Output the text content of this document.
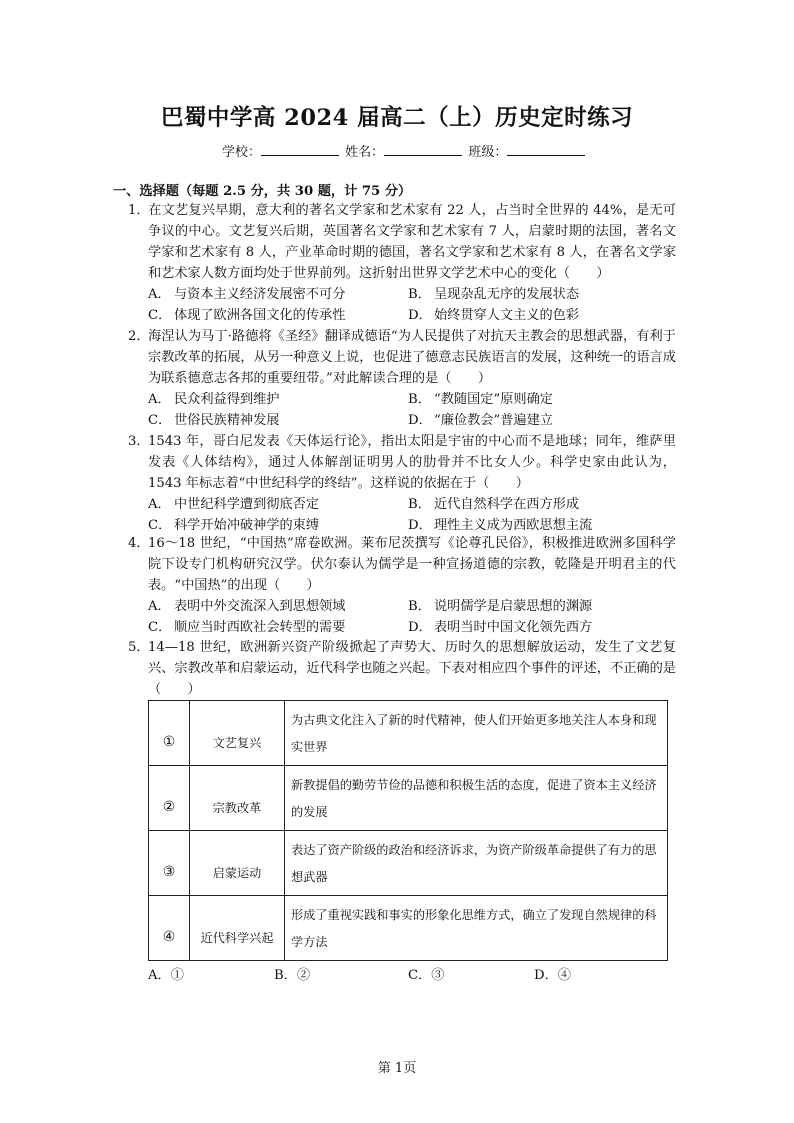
巴蜀中学高 2024 届高二（上）历史定时练习
学校：	姓名：	班级：
一、选择题（每题 2.5 分，共 30 题，计 75 分）
1．在文艺复兴早期，意大利的著名文学家和艺术家有 22 人，占当时全世界的 44%，是无可争议的中心。文艺复兴后期，英国著名文学家和艺术家有 7 人，启蒙时期的法国，著名文学家和艺术家有 8 人，产业革命时期的德国，著名文学家和艺术家有 8 人，在著名文学家和艺术家人数方面均处于世界前列。这折射出世界文学艺术中心的变化（　　）
A． 与资本主义经济发展密不可分	B． 呈现杂乱无序的发展状态
C． 体现了欧洲各国文化的传承性	D． 始终贯穿人文主义的色彩
2．海涅认为马丁·路德将《圣经》翻译成德语“为人民提供了对抗天主教会的思想武器，有利于宗教改革的拓展，从另一种意义上说，也促进了德意志民族语言的发展，这种统一的语言成为联系德意志各邦的重要纽带。”对此解读合理的是（　　）
A． 民众利益得到维护	B． “教随国定”原则确定
C． 世俗民族精神发展	D． “廉俭教会”普遍建立
3．1543 年，哥白尼发表《天体运行论》，指出太阳是宇宙的中心而不是地球；同年，维萨里发表《人体结构》，通过人体解剖证明男人的肋骨并不比女人少。科学史家由此认为，1543 年标志着“中世纪科学的终结”。这样说的依据在于（　　）
A． 中世纪科学遭到彻底否定	B． 近代自然科学在西方形成
C． 科学开始冲破神学的束缚	D． 理性主义成为西欧思想主流
4．16～18 世纪，“中国热”席卷欧洲。莱布尼茨撰写《论尊孔民俗》，积极推进欧洲多国科学院下设专门机构研究汉学。伏尔泰认为儒学是一种宣扬道德的宗教，乾隆是开明君主的代表。“中国热”的出现（　　）
A． 表明中外交流深入到思想领域	B． 说明儒学是启蒙思想的渊源
C． 顺应当时西欧社会转型的需要	D． 表明当时中国文化领先西方
5．14—18 世纪，欧洲新兴资产阶级掀起了声势大、历时久的思想解放运动，发生了文艺复兴、宗教改革和启蒙运动，近代科学也随之兴起。下表对相应四个事件的评述，不正确的是（　　）
①	文艺复兴	为古典文化注入了新的时代精神，使人们开始更多地关注人本身和现实世界
②	宗教改革	新教提倡的勤劳节俭的品德和积极生活的态度，促进了资本主义经济的发展
③	启蒙运动	表达了资产阶级的政治和经济诉求，为资产阶级革命提供了有力的思想武器
④	近代科学兴起	形成了重视实践和事实的形象化思维方式，确立了发现自然规律的科学方法
A．①	B．②	C．③	D．④
第 1页
